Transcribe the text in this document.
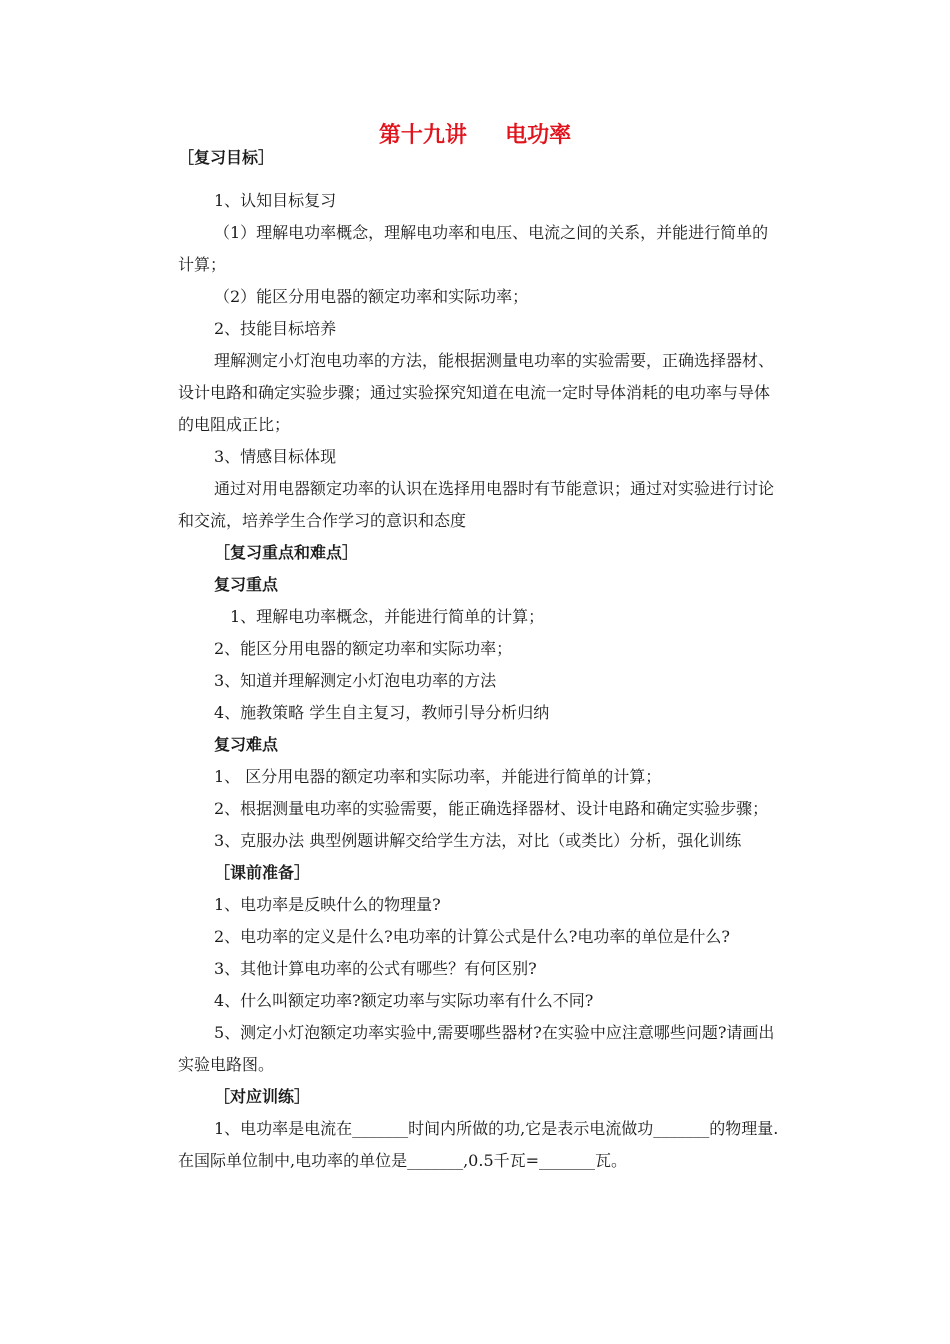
第十九讲     电功率
［复习目标］
1、认知目标复习
（1）理解电功率概念，理解电功率和电压、电流之间的关系，并能进行简单的
计算；
（2）能区分用电器的额定功率和实际功率；
2、技能目标培养
理解测定小灯泡电功率的方法，能根据测量电功率的实验需要，正确选择器材、
设计电路和确定实验步骤；通过实验探究知道在电流一定时导体消耗的电功率与导体
的电阻成正比；
3、情感目标体现
通过对用电器额定功率的认识在选择用电器时有节能意识；通过对实验进行讨论
和交流，培养学生合作学习的意识和态度
［复习重点和难点］
复习重点
1、理解电功率概念，并能进行简单的计算；
2、能区分用电器的额定功率和实际功率；
3、知道并理解测定小灯泡电功率的方法
4、施教策略 学生自主复习，教师引导分析归纳
复习难点
1、 区分用电器的额定功率和实际功率，并能进行简单的计算；
2、根据测量电功率的实验需要，能正确选择器材、设计电路和确定实验步骤；
3、克服办法 典型例题讲解交给学生方法，对比（或类比）分析，强化训练
［课前准备］
1、电功率是反映什么的物理量?
2、电功率的定义是什么?电功率的计算公式是什么?电功率的单位是什么?
3、其他计算电功率的公式有哪些？有何区别?
4、什么叫额定功率?额定功率与实际功率有什么不同?
5、测定小灯泡额定功率实验中,需要哪些器材?在实验中应注意哪些问题?请画出
实验电路图。
［对应训练］
1、电功率是电流在_______时间内所做的功,它是表示电流做功_______的物理量.
在国际单位制中,电功率的单位是_______,0.5千瓦=_______瓦。
